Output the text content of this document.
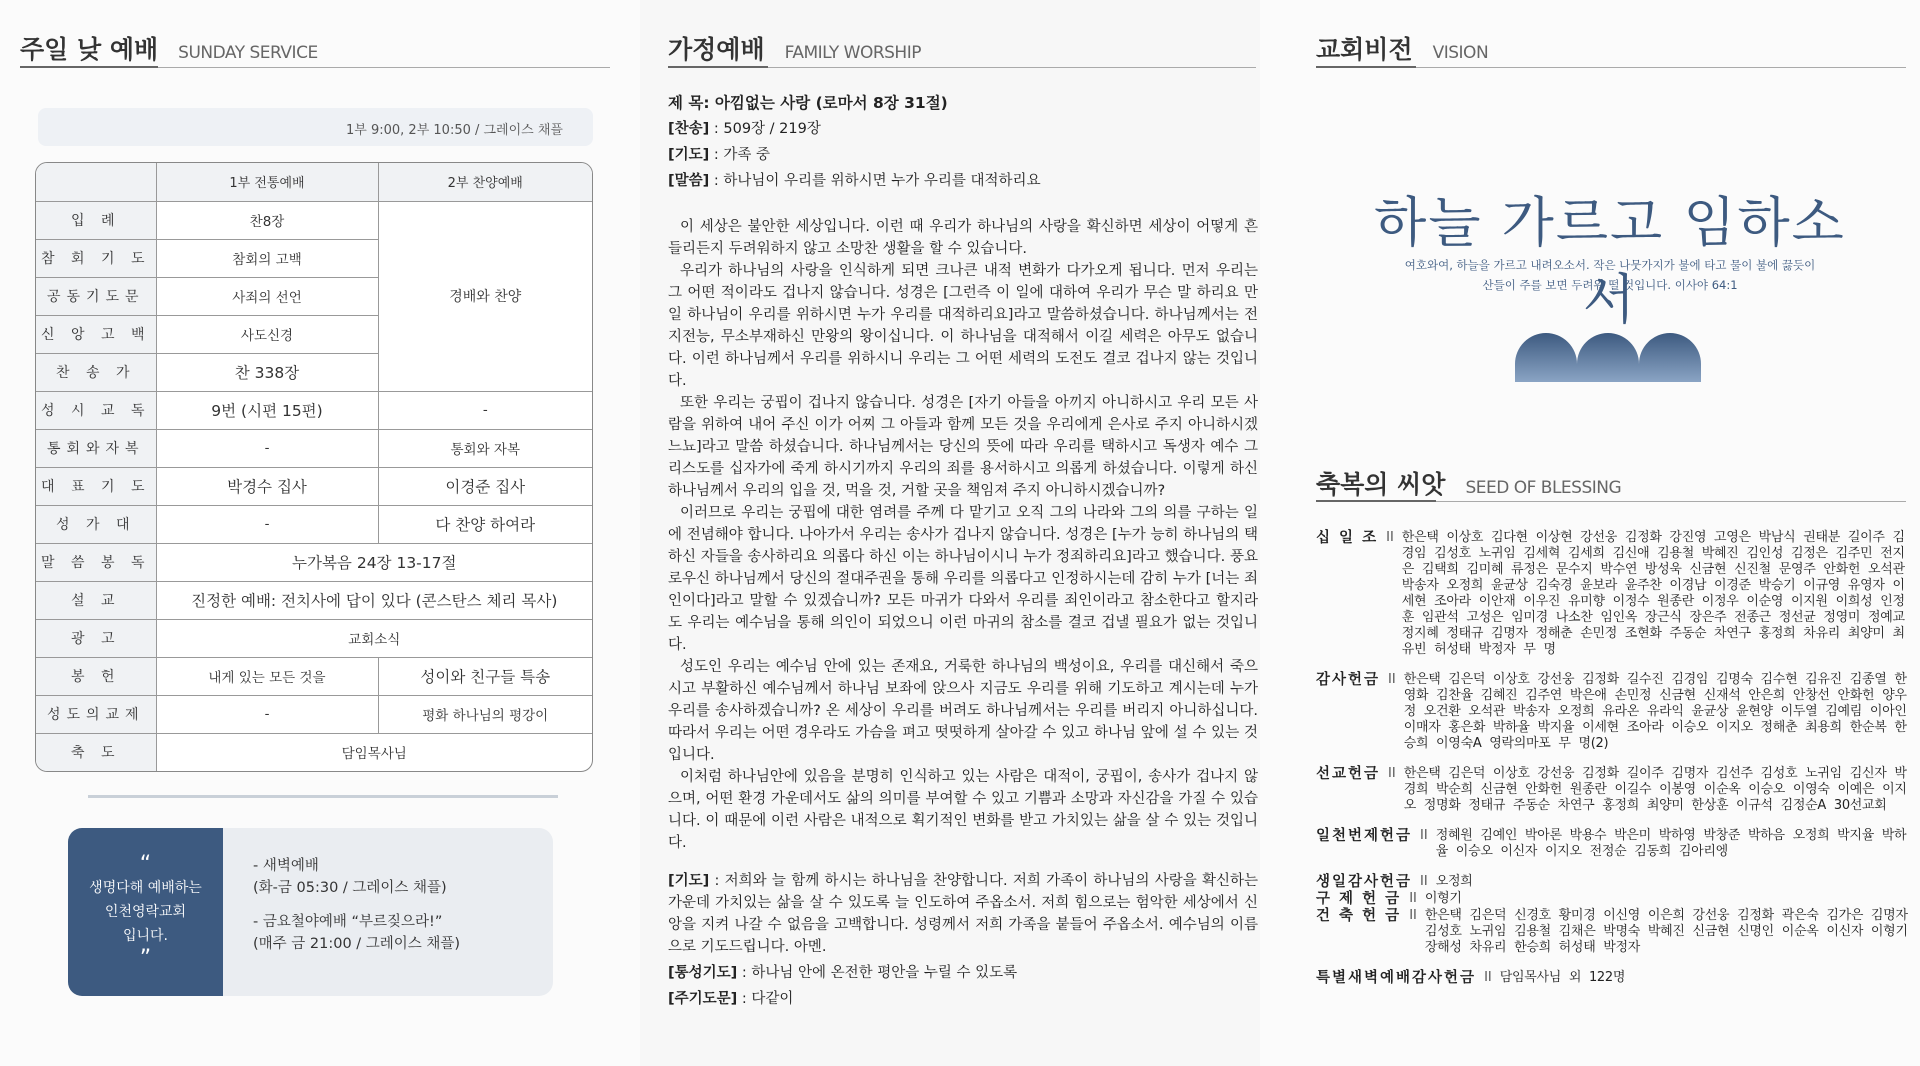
주일 낮 예배 SUNDAY SERVICE
1부 9:00, 2부 10:50 / 그레이스 채플
	1부 전통예배	2부 찬양예배
입 례	찬8장	경배와 찬양
참 회 기 도	참회의 고백	
공동기도문	사죄의 선언	
신 앙 고 백	사도신경	
찬 송 가	찬 338장	
성 시 교 독	9번 (시편 15편)	-
통회와자복	-	통회와 자복
대 표 기 도	박경수 집사	이경준 집사
성 가 대	-	다 찬양 하여라
말 씀 봉 독	누가복음 24장 13-17절	
설 교	진정한 예배: 전치사에 답이 있다 (콘스탄스 체리 목사)	
광 고	교회소식	
봉 헌	내게 있는 모든 것을	성이와 친구들 특송
성도의교제	-	평화 하나님의 평강이
축 도	담임목사님	
“
생명다해 예배하는
인천영락교회
입니다.
”

- 새벽예배
(화-금 05:30 / 그레이스 채플)

- 금요철야예배 “부르짖으라!”
(매주 금 21:00 / 그레이스 채플)

가정예배 FAMILY WORSHIP
제 목: 아낌없는 사랑 (로마서 8장 31절)
[찬송] : 509장 / 219장
[기도] : 가족 중
[말씀] : 하나님이 우리를 위하시면 누가 우리를 대적하리요

이 세상은 불안한 세상입니다. 이런 때 우리가 하나님의 사랑을 확신하면 세상이 어떻게 흔들리든지 두려워하지 않고 소망찬 생활을 할 수 있습니다.

우리가 하나님의 사랑을 인식하게 되면 크나큰 내적 변화가 다가오게 됩니다. 먼저 우리는 그 어떤 적이라도 겁나지 않습니다. 성경은 [그런즉 이 일에 대하여 우리가 무슨 말 하리요 만일 하나님이 우리를 위하시면 누가 우리를 대적하리요]라고 말씀하셨습니다. 하나님께서는 전지전능, 무소부재하신 만왕의 왕이십니다. 이 하나님을 대적해서 이길 세력은 아무도 없습니다. 이런 하나님께서 우리를 위하시니 우리는 그 어떤 세력의 도전도 결코 겁나지 않는 것입니다.

또한 우리는 궁핍이 겁나지 않습니다. 성경은 [자기 아들을 아끼지 아니하시고 우리 모든 사람을 위하여 내어 주신 이가 어찌 그 아들과 함께 모든 것을 우리에게 은사로 주지 아니하시겠느뇨]라고 말씀 하셨습니다. 하나님께서는 당신의 뜻에 따라 우리를 택하시고 독생자 예수 그리스도를 십자가에 죽게 하시기까지 우리의 죄를 용서하시고 의롭게 하셨습니다. 이렇게 하신 하나님께서 우리의 입을 것, 먹을 것, 거할 곳을 책임져 주지 아니하시겠습니까?

이러므로 우리는 궁핍에 대한 염려를 주께 다 맡기고 오직 그의 나라와 그의 의를 구하는 일에 전념해야 합니다. 나아가서 우리는 송사가 겁나지 않습니다. 성경은 [누가 능히 하나님의 택하신 자들을 송사하리요 의롭다 하신 이는 하나님이시니 누가 정죄하리요]라고 했습니다. 풍요로우신 하나님께서 당신의 절대주권을 통해 우리를 의롭다고 인정하시는데 감히 누가 [너는 죄인이다]라고 말할 수 있겠습니까? 모든 마귀가 다와서 우리를 죄인이라고 참소한다고 할지라도 우리는 예수님을 통해 의인이 되었으니 이런 마귀의 참소를 결코 겁낼 필요가 없는 것입니다.

성도인 우리는 예수님 안에 있는 존재요, 거룩한 하나님의 백성이요, 우리를 대신해서 죽으시고 부활하신 예수님께서 하나님 보좌에 앉으사 지금도 우리를 위해 기도하고 계시는데 누가 우리를 송사하겠습니까? 온 세상이 우리를 버려도 하나님께서는 우리를 버리지 아니하십니다. 따라서 우리는 어떤 경우라도 가슴을 펴고 떳떳하게 살아갈 수 있고 하나님 앞에 설 수 있는 것입니다.

이처럼 하나님안에 있음을 분명히 인식하고 있는 사람은 대적이, 궁핍이, 송사가 겁나지 않으며, 어떤 환경 가운데서도 삶의 의미를 부여할 수 있고 기쁨과 소망과 자신감을 가질 수 있습니다. 이 때문에 이런 사람은 내적으로 획기적인 변화를 받고 가치있는 삶을 살 수 있는 것입니다.

[기도] : 저희와 늘 함께 하시는 하나님을 찬양합니다. 저희 가족이 하나님의 사랑을 확신하는 가운데 가치있는 삶을 살 수 있도록 늘 인도하여 주옵소서. 저희 힘으로는 험악한 세상에서 신앙을 지켜 나갈 수 없음을 고백합니다. 성령께서 저희 가족을 붙들어 주옵소서. 예수님의 이름으로 기도드립니다. 아멘.

[통성기도] : 하나님 안에 온전한 평안을 누릴 수 있도록

[주기도문] : 다같이

교회비전 VISION
하늘 가르고 임하소서
여호와여, 하늘을 가르고 내려오소서. 작은 나뭇가지가 불에 타고 물이 불에 끓듯이
산들이 주를 보면 두려워 떨 것입니다. 이사야 64:1
축복의 씨앗 SEED OF BLESSING
십 일 조 II 한은택 이상호 김다현 이상현 강선웅 김정화 강진영 고영은 박남식 권태분 길이주 김경임 김성호 노귀임 김세혁 김세희 김신애 김용철 박혜진 김인성 김정은 김주민 전지은 김택희 김미혜 류정은 문수지 박수연 방성욱 신금현 신진철 문영주 안화헌 오석관 박송자 오정희 윤균상 김숙경 윤보라 윤주찬 이경남 이경준 박승기 이규영 유영자 이세현 조아라 이안재 이우진 유미향 이정수 원종란 이정우 이순영 이지원 이희성 인정훈 임관석 고성은 임미경 나소찬 임인옥 장근식 장은주 전종근 정선균 정영미 정예교 정지혜 정태규 김명자 정해춘 손민정 조현화 주동순 차연구 홍정희 차유리 최양미 최유빈 허성태 박정자 무 명
감사헌금 II 한은택 김은덕 이상호 강선웅 김정화 길수진 김경임 김명숙 김수현 김유진 김종열 한영화 김찬율 김혜진 김주연 박은애 손민정 신금현 신재석 안은희 안창선 안화헌 양우정 오건환 오석관 박송자 오정희 유라온 유라익 윤균상 윤현양 이두열 김예림 이아인 이매자 홍은화 박하율 박지율 이세현 조아라 이승오 이지오 정해춘 최용희 한순복 한승희 이영숙A 영락의마포 무 명(2)
선교헌금 II 한은택 김은덕 이상호 강선웅 김정화 길이주 김명자 김선주 김성호 노귀임 김신자 박경희 박순희 신금현 안화헌 원종란 이길수 이봉영 이순옥 이승오 이영숙 이예은 이지오 정명화 정태규 주동순 차연구 홍정희 최양미 한상훈 이규석 김정순A 30선교회
일천번제헌금 II 정혜원 김예인 박아론 박용수 박은미 박하영 박창준 박하음 오정희 박지율 박하율 이승오 이신자 이지오 전정순 김동희 김아리엥
생일감사헌금 II 오정희
구 제 헌 금 II 이형기
건 축 헌 금 II 한은택 김은덕 신경호 황미경 이신영 이은희 강선웅 김정화 곽은숙 김가은 김명자 김성호 노귀임 김용철 김채은 박명숙 박혜진 신금현 신명인 이순옥 이신자 이형기 장해성 차유리 한승희 허성태 박정자
특별새벽예배감사헌금 II 담임목사님 외 122명
